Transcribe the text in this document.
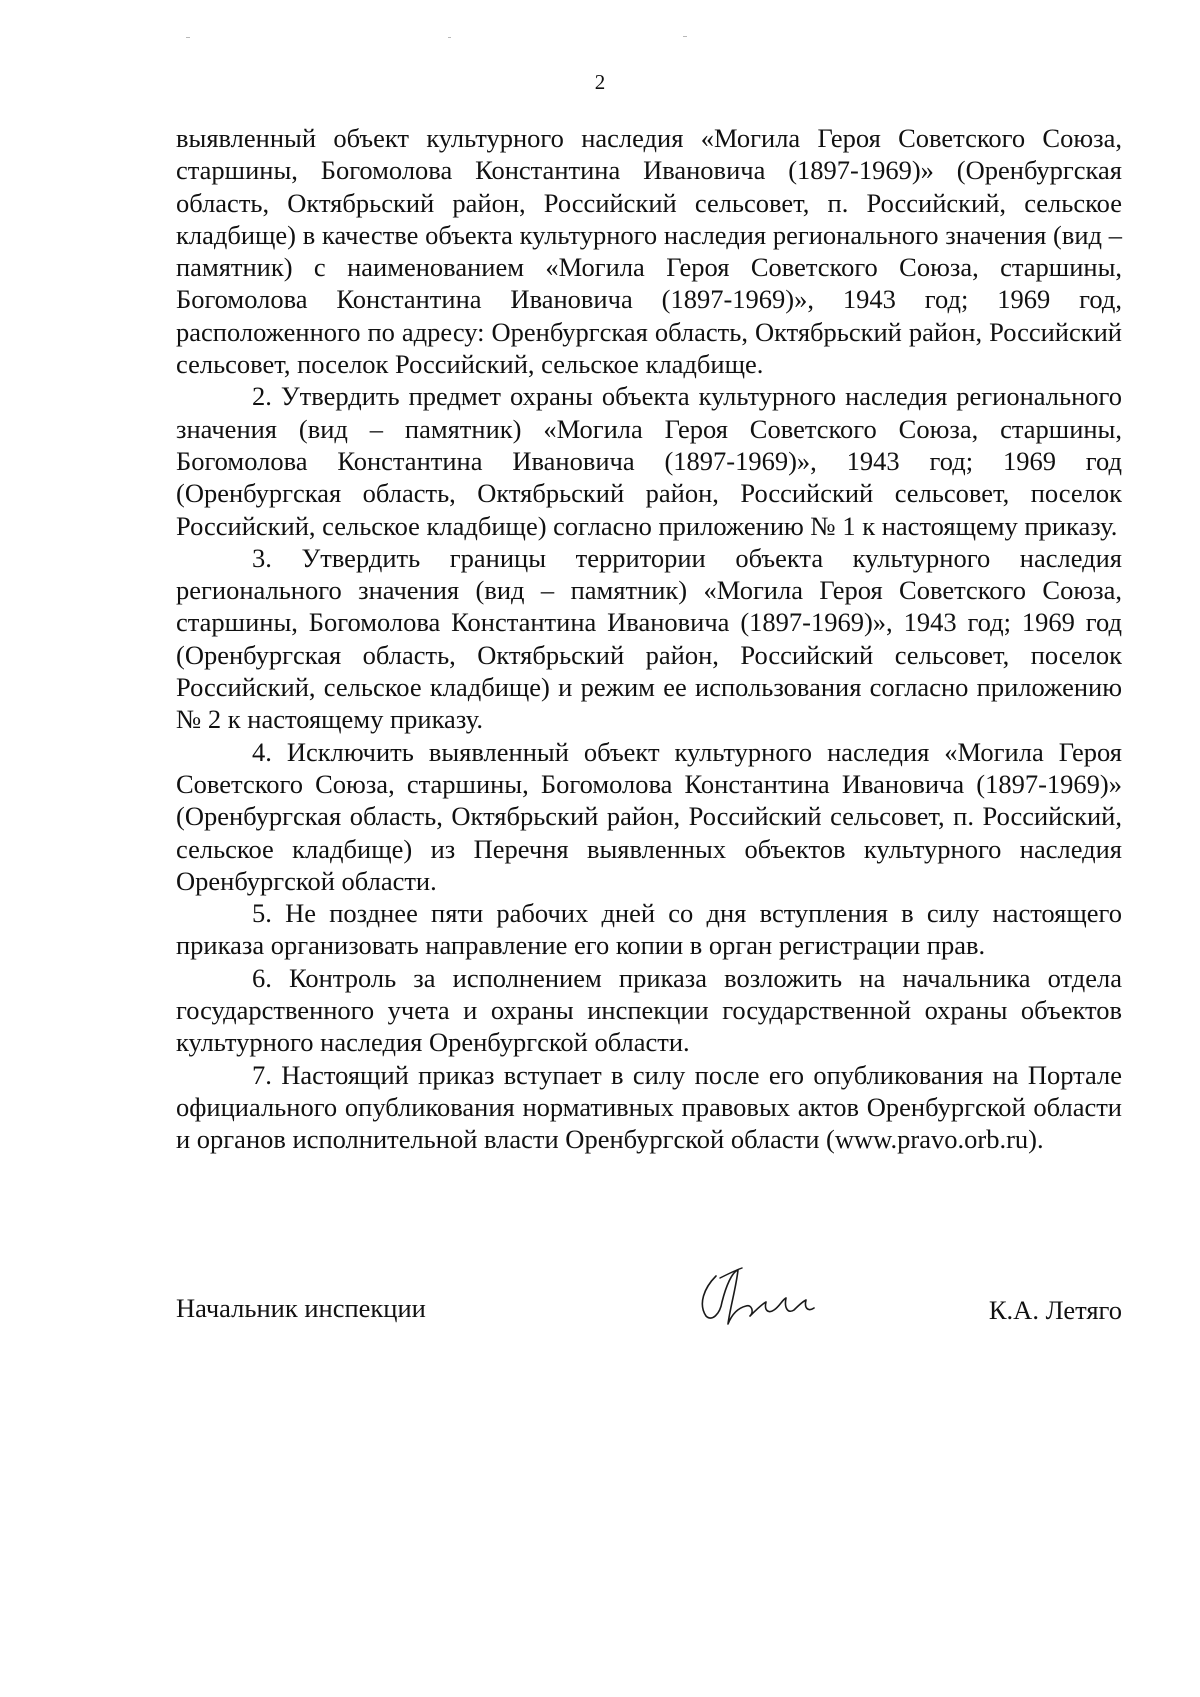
2

выявленный объект культурного наследия «Могила Героя Советского Союза, старшины, Богомолова Константина Ивановича (1897-1969)» (Оренбургская область, Октябрьский район, Российский сельсовет, п. Российский, сельское кладбище) в качестве объекта культурного наследия регионального значения (вид – памятник) с наименованием «Могила Героя Советского Союза, старшины, Богомолова Константина Ивановича (1897-1969)», 1943 год; 1969 год, расположенного по адресу: Оренбургская область, Октябрьский район, Российский сельсовет, поселок Российский, сельское кладбище.

2. Утвердить предмет охраны объекта культурного наследия регионального значения (вид – памятник) «Могила Героя Советского Союза, старшины, Богомолова Константина Ивановича (1897-1969)», 1943 год; 1969 год (Оренбургская область, Октябрьский район, Российский сельсовет, поселок Российский, сельское кладбище) согласно приложению № 1 к настоящему приказу.

3. Утвердить границы территории объекта культурного наследия регионального значения (вид – памятник) «Могила Героя Советского Союза, старшины, Богомолова Константина Ивановича (1897-1969)», 1943 год; 1969 год (Оренбургская область, Октябрьский район, Российский сельсовет, поселок Российский, сельское кладбище) и режим ее использования согласно приложению № 2 к настоящему приказу.

4. Исключить выявленный объект культурного наследия «Могила Героя Советского Союза, старшины, Богомолова Константина Ивановича (1897-1969)» (Оренбургская область, Октябрьский район, Российский сельсовет, п. Российский, сельское кладбище) из Перечня выявленных объектов культурного наследия Оренбургской области.

5. Не позднее пяти рабочих дней со дня вступления в силу настоящего приказа организовать направление его копии в орган регистрации прав.

6. Контроль за исполнением приказа возложить на начальника отдела государственного учета и охраны инспекции государственной охраны объектов культурного наследия Оренбургской области.

7. Настоящий приказ вступает в силу после его опубликования на Портале официального опубликования нормативных правовых актов Оренбургской области и органов исполнительной власти Оренбургской области (www.pravo.orb.ru).

Начальник инспекции	К.А. Летяго
